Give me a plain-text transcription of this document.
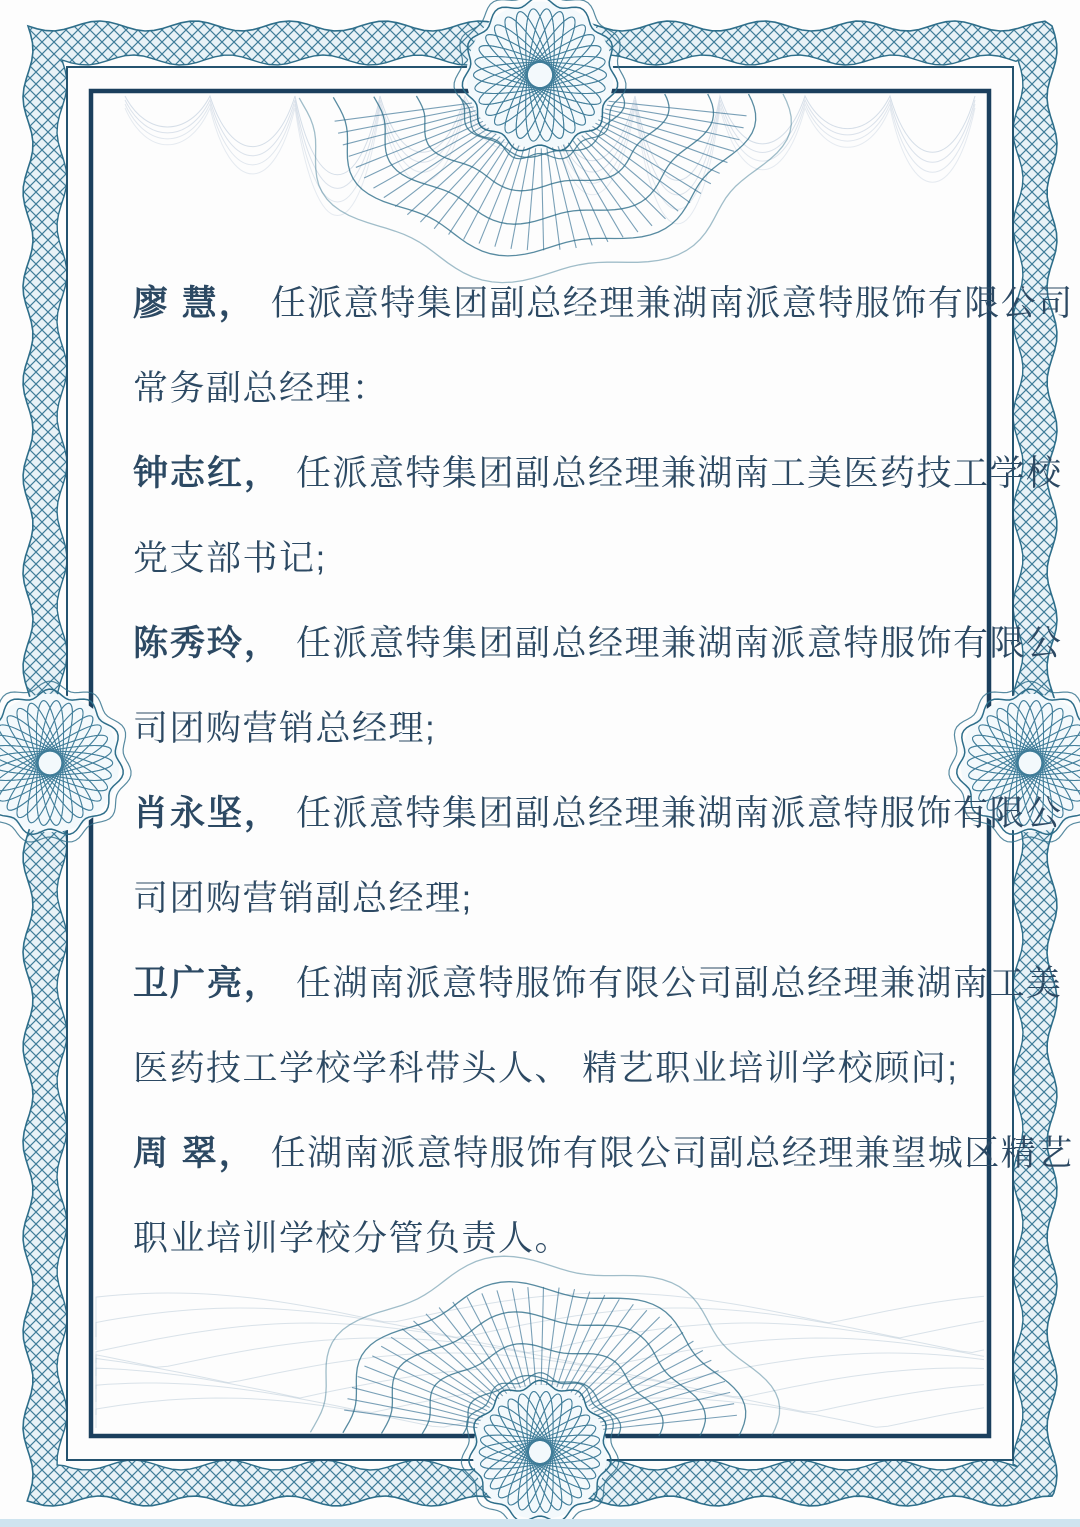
廖 慧， 任派意特集团副总经理兼湖南派意特服饰有限公司

常务副总经理：

钟志红， 任派意特集团副总经理兼湖南工美医药技工学校

党支部书记;

陈秀玲， 任派意特集团副总经理兼湖南派意特服饰有限公

司团购营销总经理;

肖永坚， 任派意特集团副总经理兼湖南派意特服饰有限公

司团购营销副总经理;

卫广亮， 任湖南派意特服饰有限公司副总经理兼湖南工美

医药技工学校学科带头人、 精艺职业培训学校顾问;

周 翠， 任湖南派意特服饰有限公司副总经理兼望城区精艺

职业培训学校分管负责人。
